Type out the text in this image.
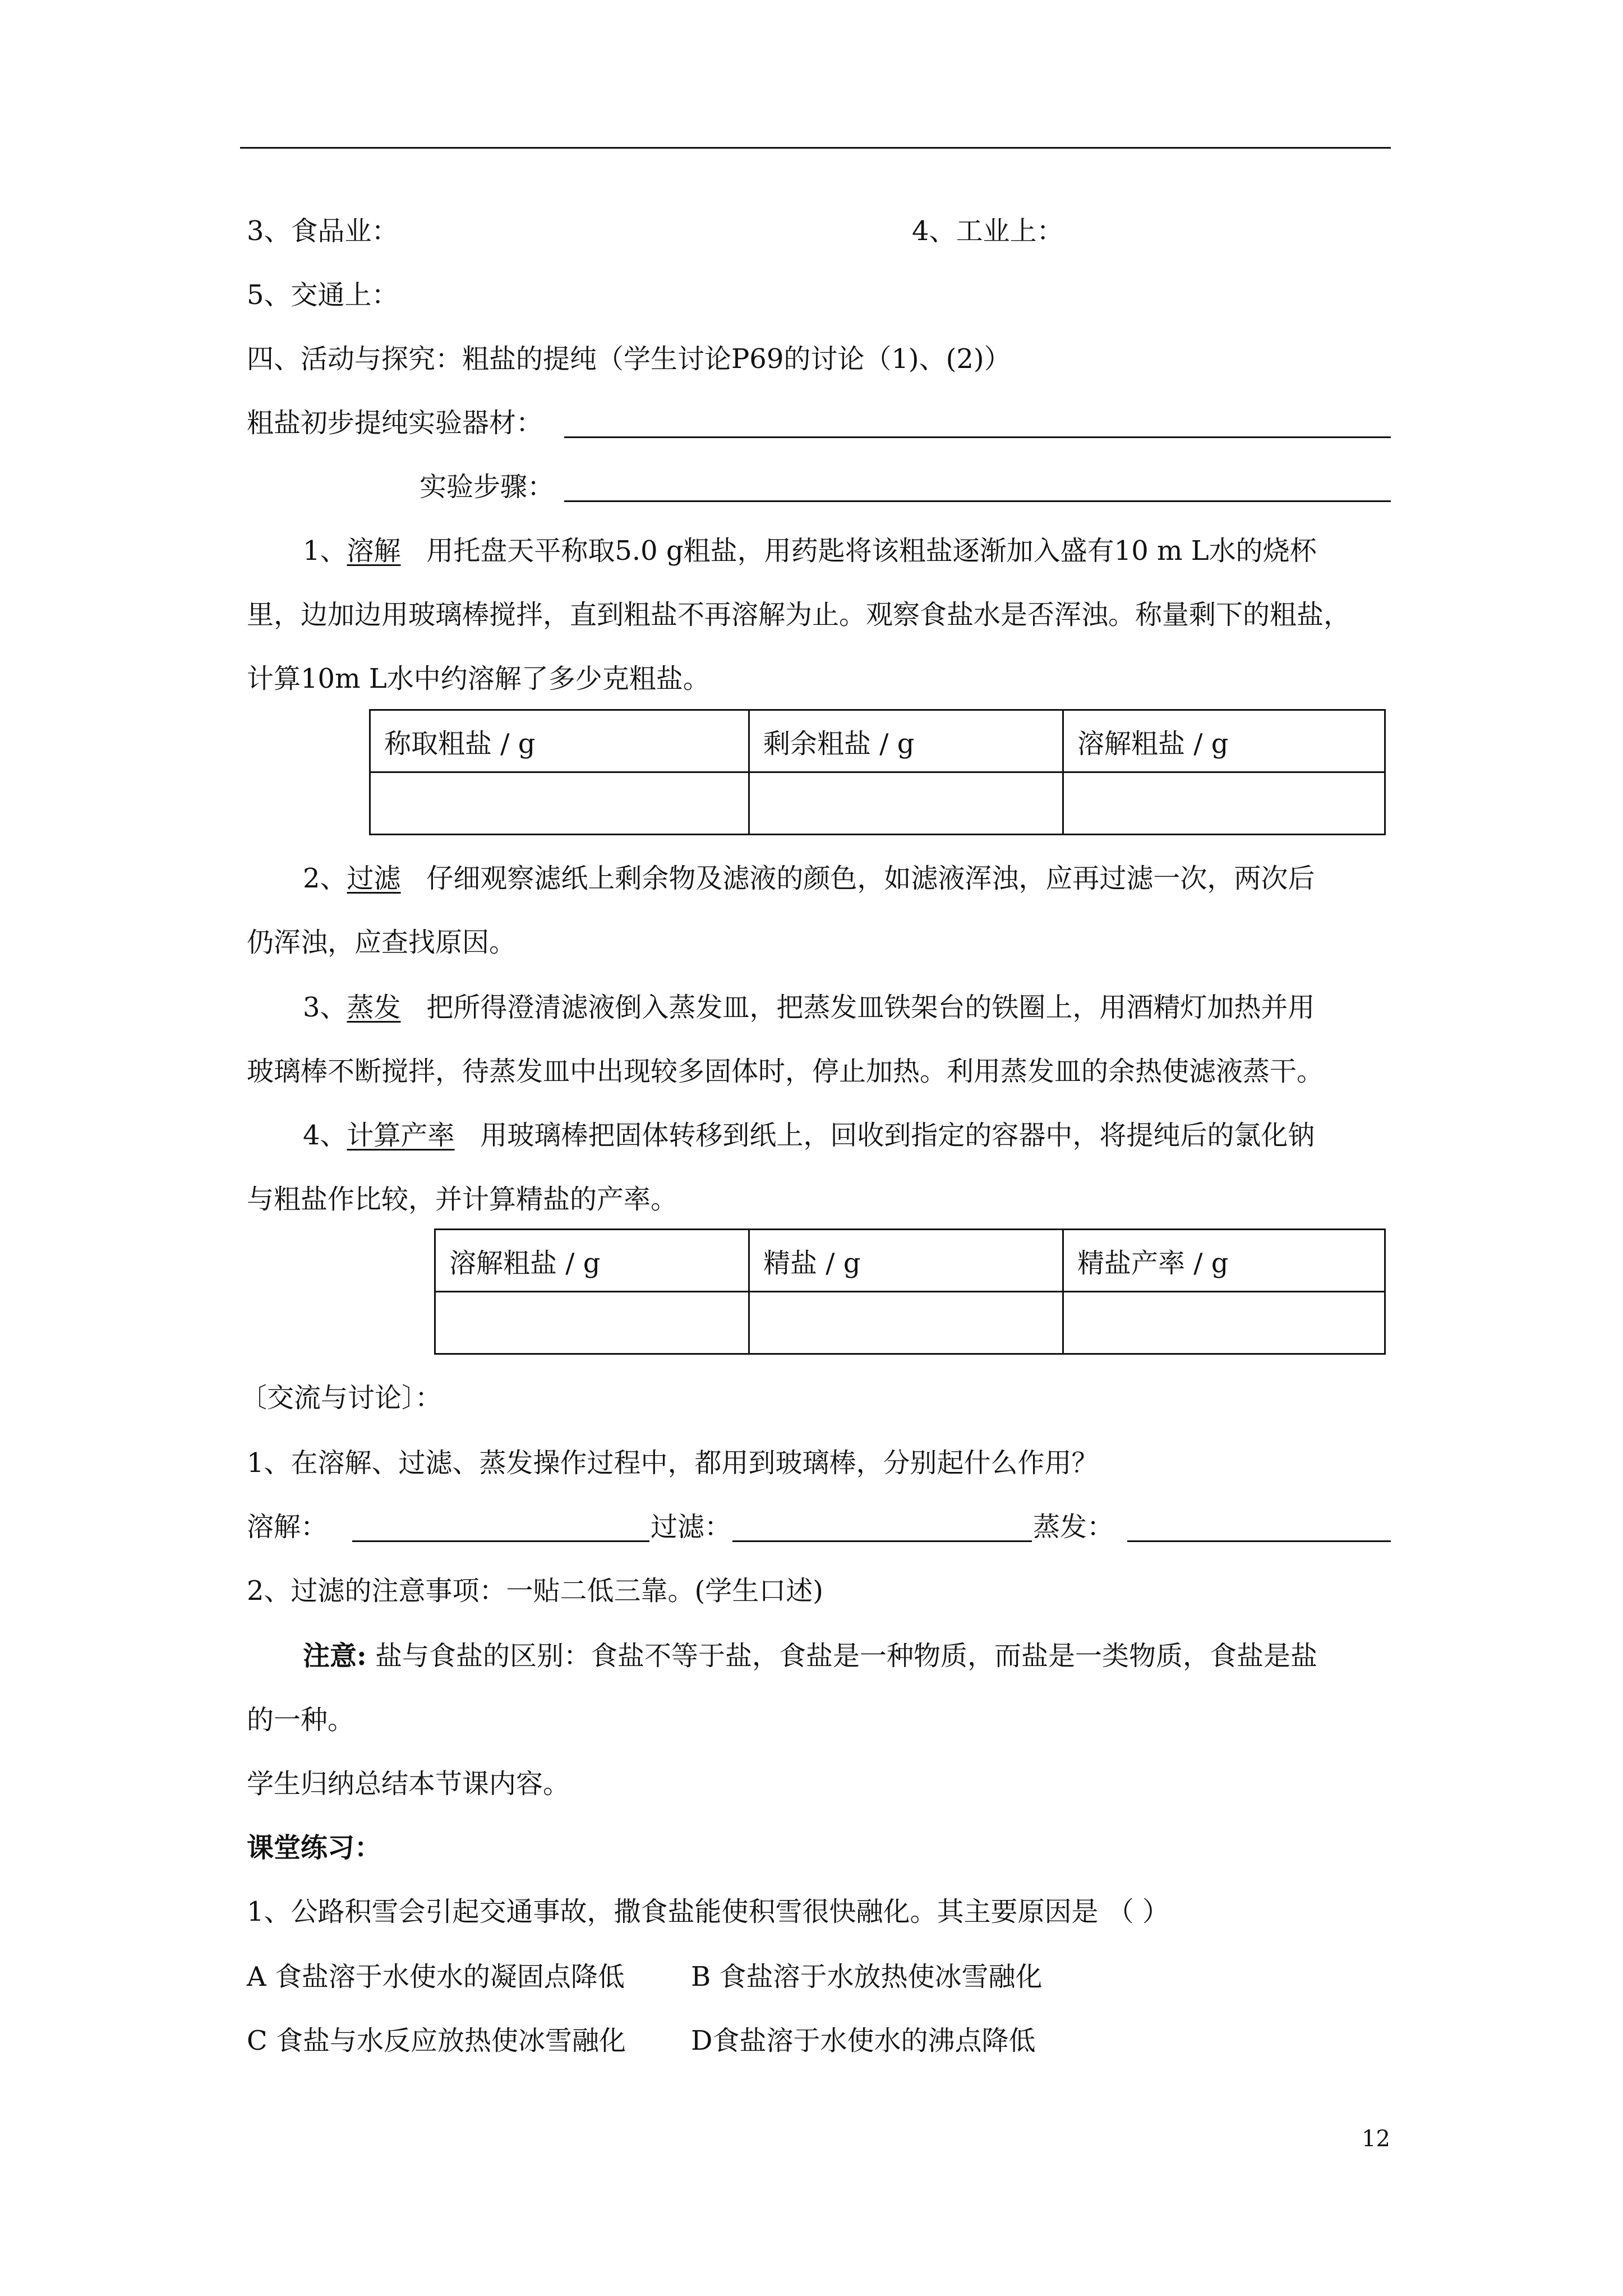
3、食品业：	4、工业上：
5、交通上：
四、活动与探究：粗盐的提纯（学生讨论P69的讨论（1)、(2)）
粗盐初步提纯实验器材：
实验步骤：
1、溶解 用托盘天平称取5.0 g粗盐，用药匙将该粗盐逐渐加入盛有10 m L水的烧杯
里，边加边用玻璃棒搅拌，直到粗盐不再溶解为止。观察食盐水是否浑浊。称量剩下的粗盐，
计算10m L水中约溶解了多少克粗盐。
称取粗盐 / g	剩余粗盐 / g	溶解粗盐 / g

2、过滤 仔细观察滤纸上剩余物及滤液的颜色，如滤液浑浊，应再过滤一次，两次后
仍浑浊，应查找原因。
3、蒸发 把所得澄清滤液倒入蒸发皿，把蒸发皿铁架台的铁圈上，用酒精灯加热并用
玻璃棒不断搅拌，待蒸发皿中出现较多固体时，停止加热。利用蒸发皿的余热使滤液蒸干。
4、计算产率 用玻璃棒把固体转移到纸上，回收到指定的容器中，将提纯后的氯化钠
与粗盐作比较，并计算精盐的产率。
溶解粗盐 / g	精盐 / g	精盐产率 / g

〔交流与讨论〕：
1、在溶解、过滤、蒸发操作过程中，都用到玻璃棒，分别起什么作用？
溶解：	过滤：	蒸发：
2、过滤的注意事项：一贴二低三靠。(学生口述)
注意: 盐与食盐的区别：食盐不等于盐，食盐是一种物质，而盐是一类物质，食盐是盐
的一种。
学生归纳总结本节课内容。
课堂练习：
1、公路积雪会引起交通事故，撒食盐能使积雪很快融化。其主要原因是 （ ）
A 食盐溶于水使水的凝固点降低 B 食盐溶于水放热使冰雪融化
C 食盐与水反应放热使冰雪融化 D食盐溶于水使水的沸点降低
12
